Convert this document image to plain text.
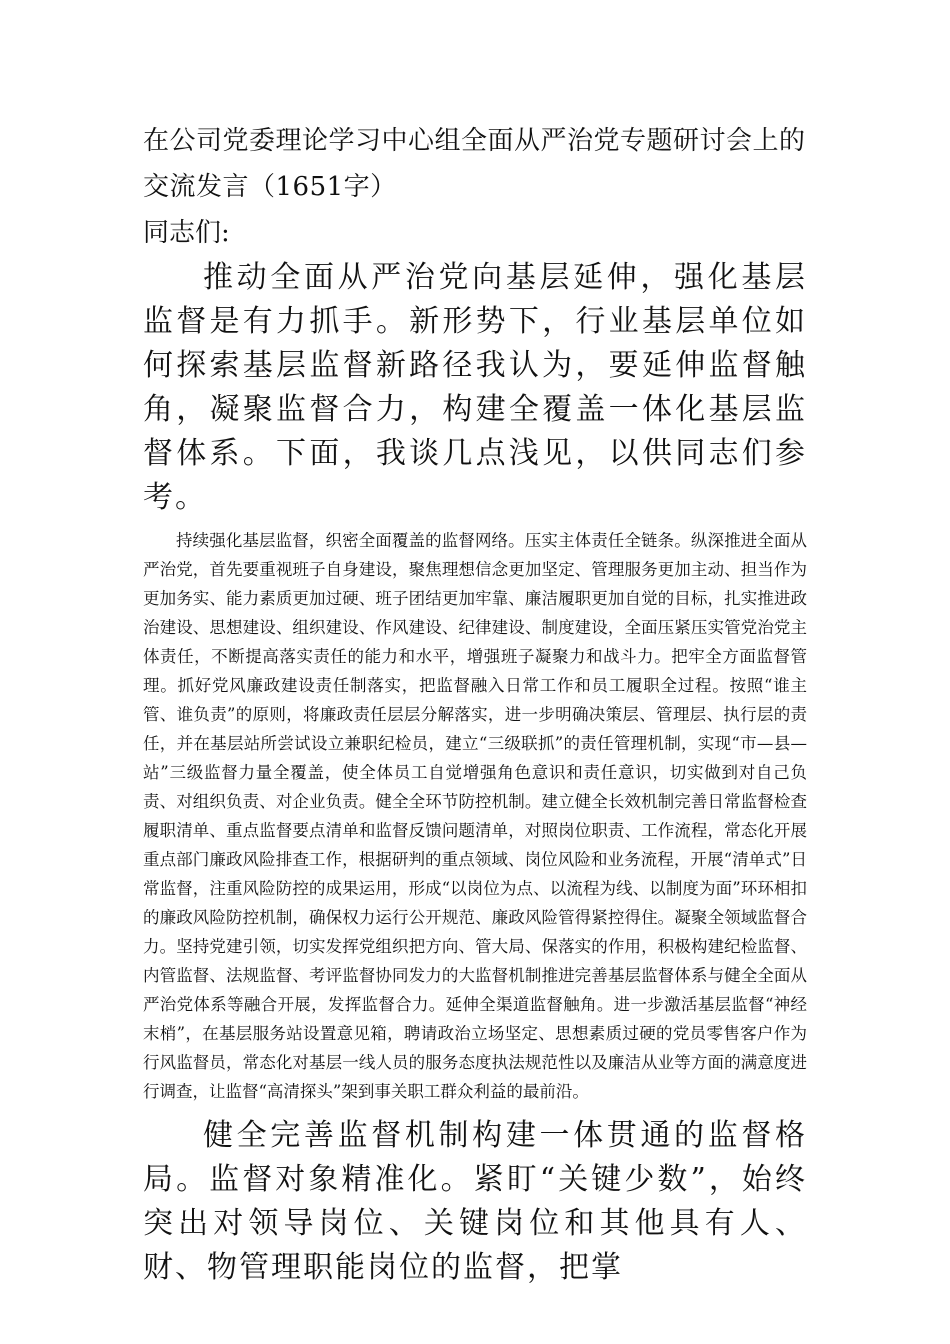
在公司党委理论学习中心组全面从严治党专题研讨会上的交流发言（1651字）

同志们:

推动全面从严治党向基层延伸，强化基层监督是有力抓手。新形势下，行业基层单位如何探索基层监督新路径我认为，要延伸监督触角，凝聚监督合力，构建全覆盖一体化基层监督体系。下面，我谈几点浅见，以供同志们参考。

持续强化基层监督，织密全面覆盖的监督网络。压实主体责任全链条。纵深推进全面从严治党，首先要重视班子自身建设，聚焦理想信念更加坚定、管理服务更加主动、担当作为更加务实、能力素质更加过硬、班子团结更加牢靠、廉洁履职更加自觉的目标，扎实推进政治建设、思想建设、组织建设、作风建设、纪律建设、制度建设，全面压紧压实管党治党主体责任，不断提高落实责任的能力和水平，增强班子凝聚力和战斗力。把牢全方面监督管理。抓好党风廉政建设责任制落实，把监督融入日常工作和员工履职全过程。按照“谁主管、谁负责”的原则，将廉政责任层层分解落实，进一步明确决策层、管理层、执行层的责任，并在基层站所尝试设立兼职纪检员，建立“三级联抓”的责任管理机制，实现“市—县—站”三级监督力量全覆盖，使全体员工自觉增强角色意识和责任意识，切实做到对自己负责、对组织负责、对企业负责。健全全环节防控机制。建立健全长效机制完善日常监督检查履职清单、重点监督要点清单和监督反馈问题清单，对照岗位职责、工作流程，常态化开展重点部门廉政风险排查工作，根据研判的重点领域、岗位风险和业务流程，开展“清单式”日常监督，注重风险防控的成果运用，形成“以岗位为点、以流程为线、以制度为面”环环相扣的廉政风险防控机制，确保权力运行公开规范、廉政风险管得紧控得住。凝聚全领域监督合力。坚持党建引领，切实发挥党组织把方向、管大局、保落实的作用，积极构建纪检监督、内管监督、法规监督、考评监督协同发力的大监督机制推进完善基层监督体系与健全全面从严治党体系等融合开展，发挥监督合力。延伸全渠道监督触角。进一步激活基层监督“神经末梢”，在基层服务站设置意见箱，聘请政治立场坚定、思想素质过硬的党员零售客户作为行风监督员，常态化对基层一线人员的服务态度执法规范性以及廉洁从业等方面的满意度进行调查，让监督“高清探头”架到事关职工群众利益的最前沿。

健全完善监督机制构建一体贯通的监督格局。监督对象精准化。紧盯“关键少数”，始终突出对领导岗位、关键岗位和其他具有人、财、物管理职能岗位的监督，把掌
